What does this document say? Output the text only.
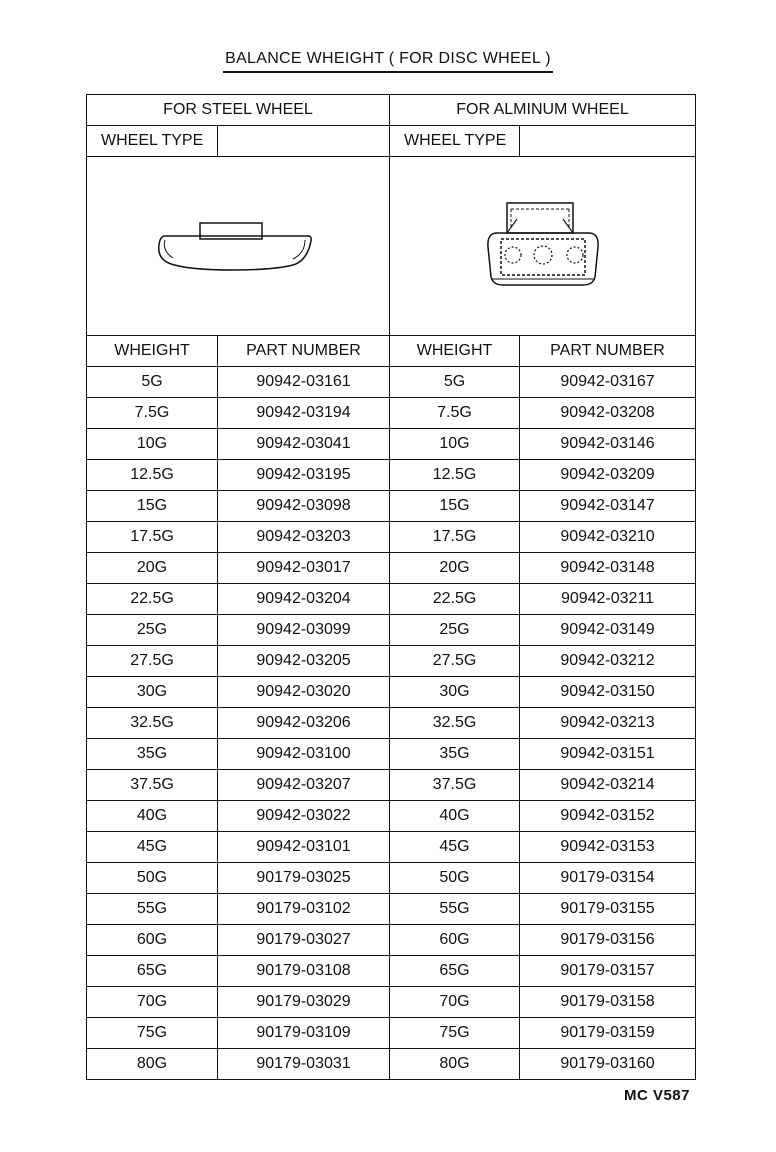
BALANCE WHEIGHT ( FOR DISC WHEEL )
FOR STEEL WHEEL		FOR ALMINUM WHEEL	
WHEEL TYPE		WHEEL TYPE	

WHEIGHT	PART NUMBER	WHEIGHT	PART NUMBER
5G	90942-03161	5G	90942-03167
7.5G	90942-03194	7.5G	90942-03208
10G	90942-03041	10G	90942-03146
12.5G	90942-03195	12.5G	90942-03209
15G	90942-03098	15G	90942-03147
17.5G	90942-03203	17.5G	90942-03210
20G	90942-03017	20G	90942-03148
22.5G	90942-03204	22.5G	90942-03211
25G	90942-03099	25G	90942-03149
27.5G	90942-03205	27.5G	90942-03212
30G	90942-03020	30G	90942-03150
32.5G	90942-03206	32.5G	90942-03213
35G	90942-03100	35G	90942-03151
37.5G	90942-03207	37.5G	90942-03214
40G	90942-03022	40G	90942-03152
45G	90942-03101	45G	90942-03153
50G	90179-03025	50G	90179-03154
55G	90179-03102	55G	90179-03155
60G	90179-03027	60G	90179-03156
65G	90179-03108	65G	90179-03157
70G	90179-03029	70G	90179-03158
75G	90179-03109	75G	90179-03159
80G	90179-03031	80G	90179-03160
MC V587
